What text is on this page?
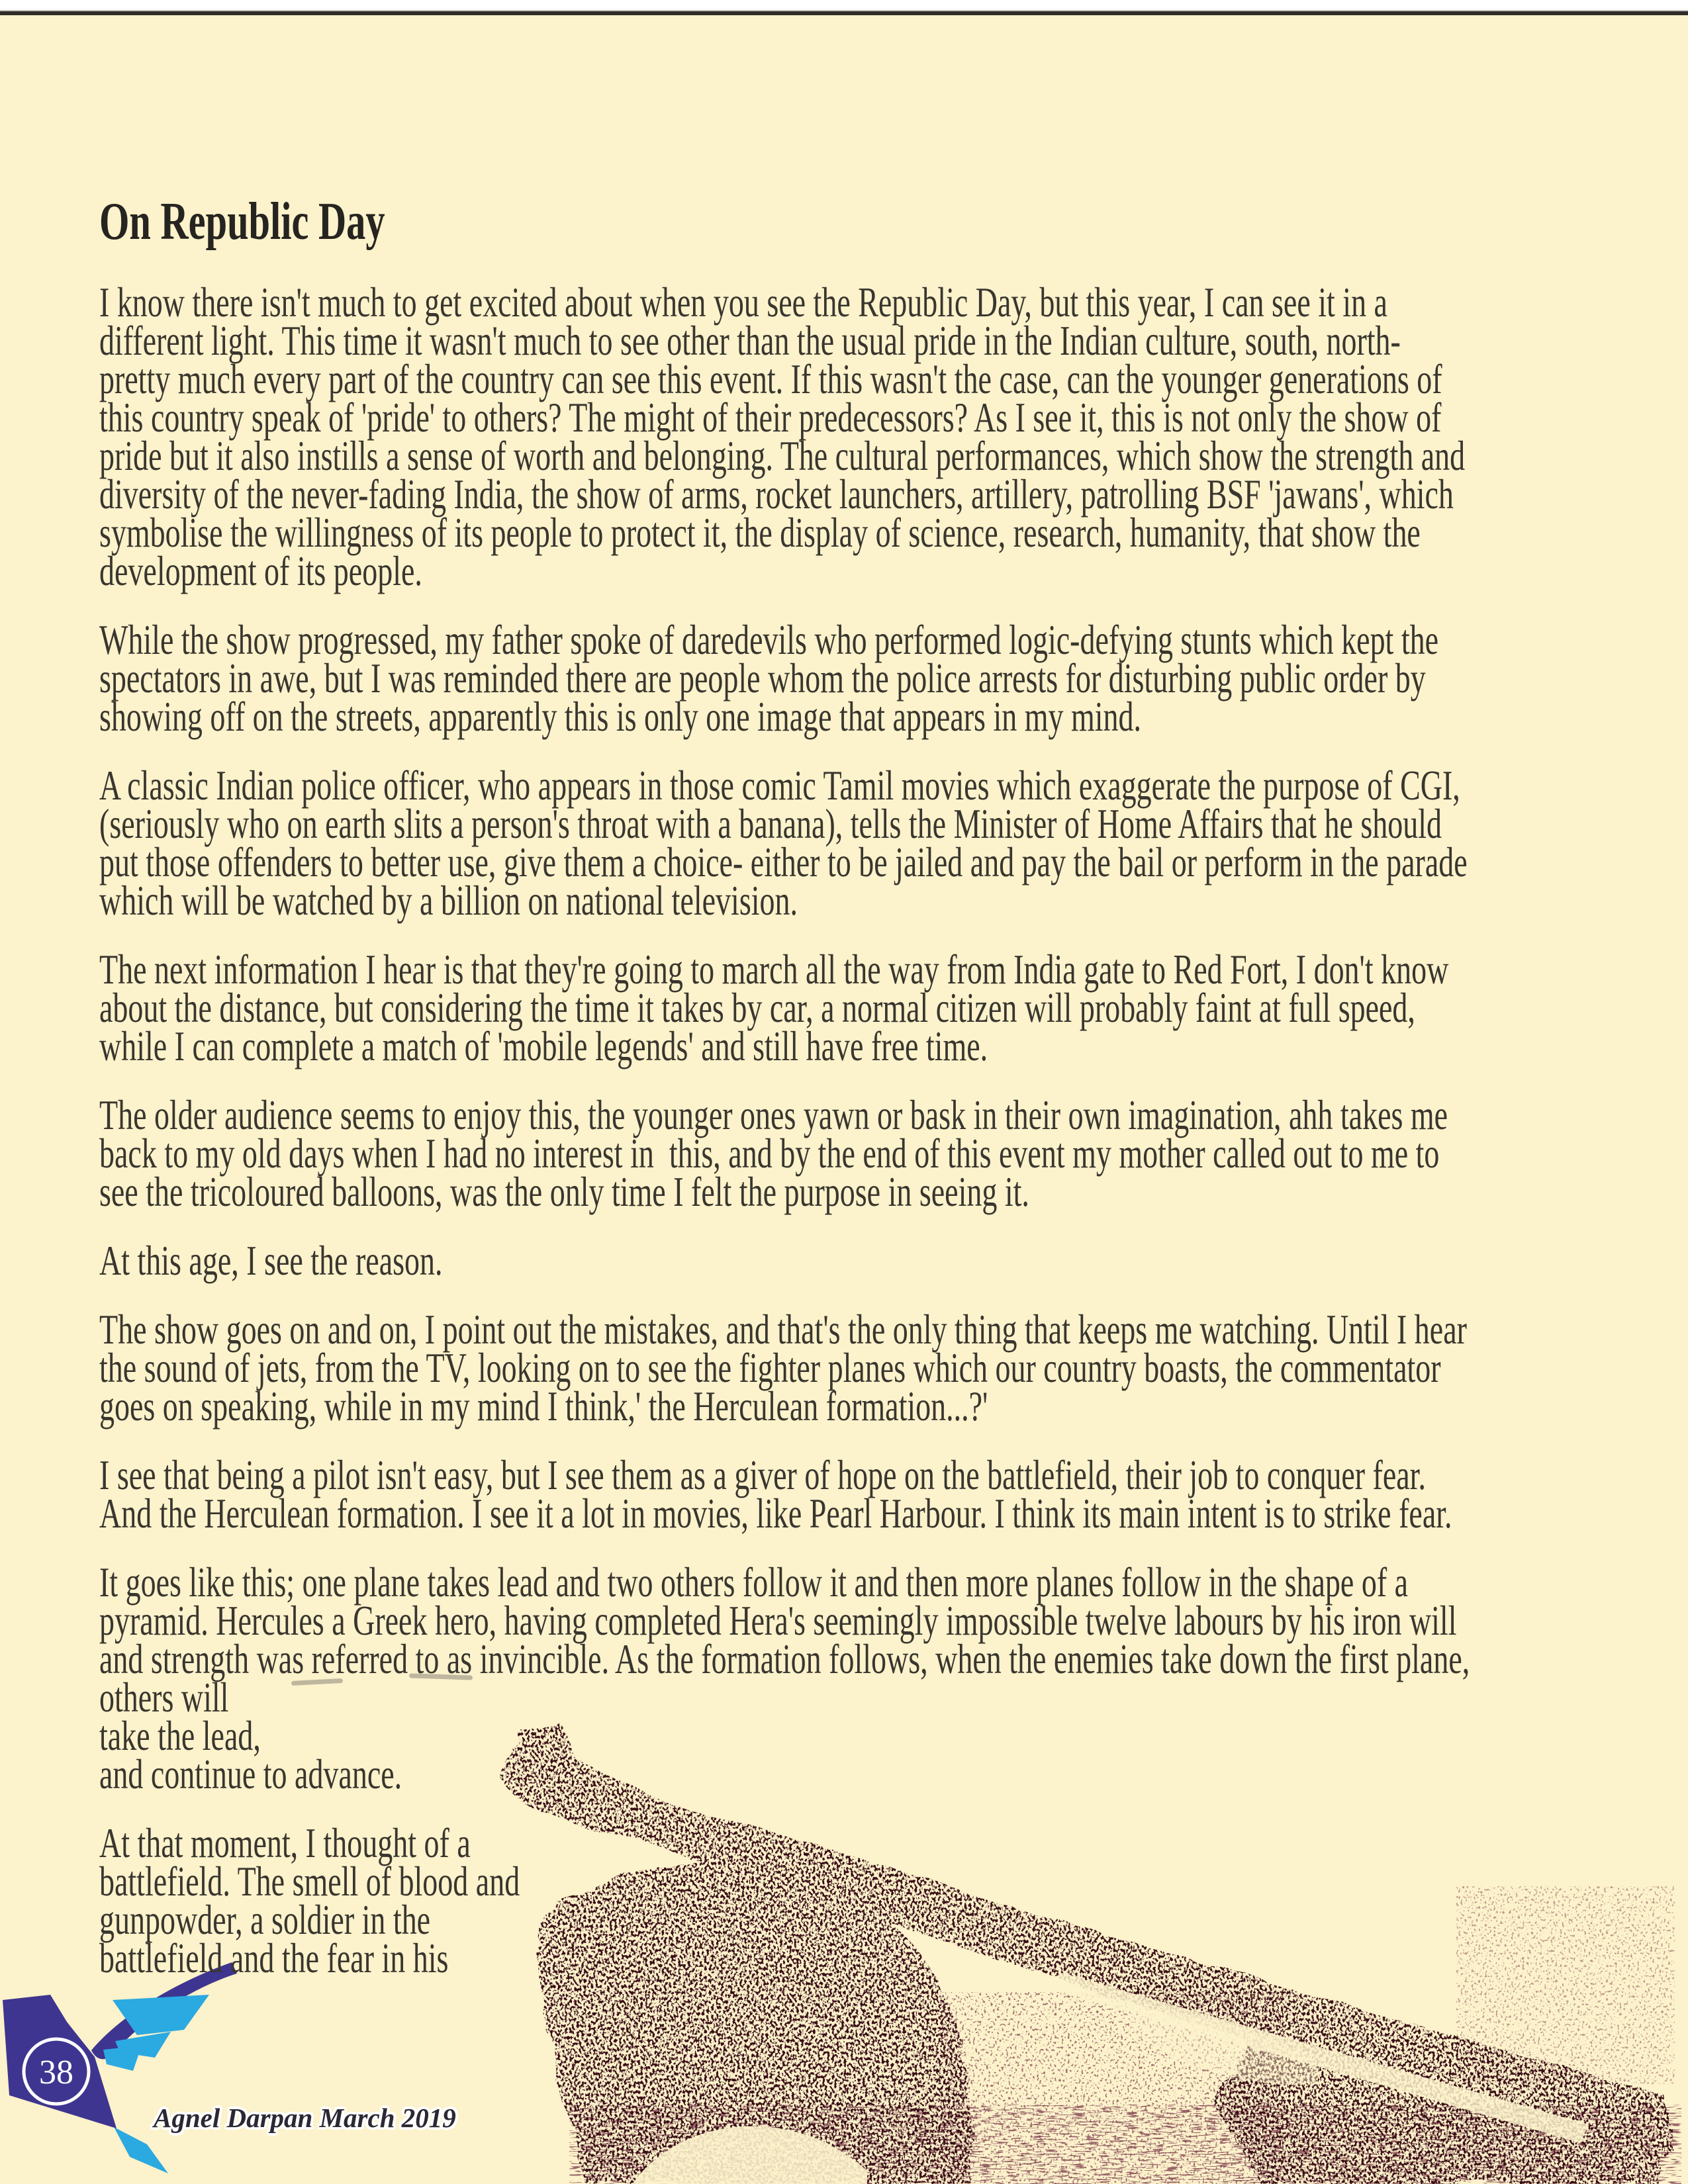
38
On Republic Day
I know there isn't much to get excited about when you see the Republic Day, but this year, I can see it in a
different light. This time it wasn't much to see other than the usual pride in the Indian culture, south, north-
pretty much every part of the country can see this event. If this wasn't the case, can the younger generations of
this country speak of 'pride' to others? The might of their predecessors? As I see it, this is not only the show of
pride but it also instills a sense of worth and belonging. The cultural performances, which show the strength and
diversity of the never-fading India, the show of arms, rocket launchers, artillery, patrolling BSF 'jawans', which
symbolise the willingness of its people to protect it, the display of science, research, humanity, that show the
development of its people.
While the show progressed, my father spoke of daredevils who performed logic-defying stunts which kept the
spectators in awe, but I was reminded there are people whom the police arrests for disturbing public order by
showing off on the streets, apparently this is only one image that appears in my mind.
A classic Indian police officer, who appears in those comic Tamil movies which exaggerate the purpose of CGI,
(seriously who on earth slits a person's throat with a banana), tells the Minister of Home Affairs that he should
put those offenders to better use, give them a choice- either to be jailed and pay the bail or perform in the parade
which will be watched by a billion on national television.
The next information I hear is that they're going to march all the way from India gate to Red Fort, I don't know
about the distance, but considering the time it takes by car, a normal citizen will probably faint at full speed,
while I can complete a match of 'mobile legends' and still have free time.
The older audience seems to enjoy this, the younger ones yawn or bask in their own imagination, ahh takes me
back to my old days when I had no interest in  this, and by the end of this event my mother called out to me to
see the tricoloured balloons, was the only time I felt the purpose in seeing it.
At this age, I see the reason.
The show goes on and on, I point out the mistakes, and that's the only thing that keeps me watching. Until I hear
the sound of jets, from the TV, looking on to see the fighter planes which our country boasts, the commentator
goes on speaking, while in my mind I think,' the Herculean formation...?'
I see that being a pilot isn't easy, but I see them as a giver of hope on the battlefield, their job to conquer fear.
And the Herculean formation. I see it a lot in movies, like Pearl Harbour. I think its main intent is to strike fear.
It goes like this; one plane takes lead and two others follow it and then more planes follow in the shape of a
pyramid. Hercules a Greek hero, having completed Hera's seemingly impossible twelve labours by his iron will
and strength was referred to as invincible. As the formation follows, when the enemies take down the first plane,
others will
take the lead,
and continue to advance.
At that moment, I thought of a
battlefield. The smell of blood and
gunpowder, a soldier in the
battlefield and the fear in his
Agnel Darpan March 2019
